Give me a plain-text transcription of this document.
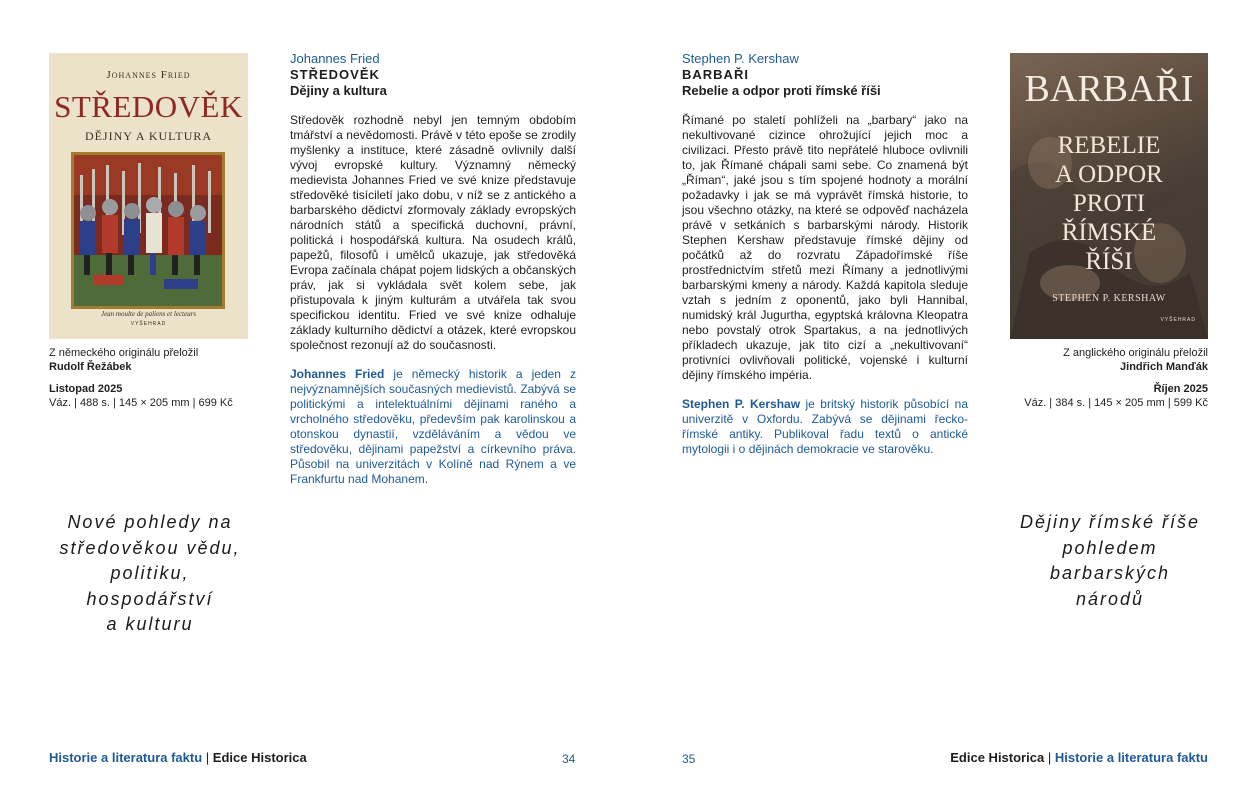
Johannes Fried
STŘEDOVĚK
DĚJINY A KULTURA
Jean moulte de paliens et lecteurs
VYŠEHRAD
Z německého originálu přeložil
Rudolf Řežábek
Listopad 2025
Váz. | 488 s. | 145 × 205 mm | 699 Kč
Johannes Fried
STŘEDOVĚK
Dějiny a kultura

Středověk rozhodně nebyl jen temným obdobím tmářství a nevědomosti. Právě v této epoše se zrodily myšlenky a instituce, které zásadně ovlivnily další vývoj evropské kultury. Významný německý medievista Johannes Fried ve své knize představuje středověké tisíciletí jako dobu, v níž se z antického a barbarského dědictví zformovaly základy evropských národních států a specifická duchovní, právní, politická i hospodářská kultura. Na osudech králů, papežů, filosofů i umělců ukazuje, jak středověká Evropa začínala chápat pojem lidských a občanských práv, jak si vykládala svět kolem sebe, jak přistupovala k jiným kulturám a utvářela tak svou specifickou identitu. Fried ve své knize odhaluje základy kulturního dědictví a otázek, které evropskou společnost rezonují až do současnosti.

Johannes Fried je německý historik a jeden z nejvýznamnějších současných medievistů. Zabývá se politickými a intelektuálními dějinami raného a vrcholného středověku, především pak karolinskou a otonskou dynastií, vzděláváním a vědou ve středověku, dějinami papežství a církevního práva. Působil na univerzitách v Kolíně nad Rýnem a ve Frankfurtu nad Mohanem.

Stephen P. Kershaw
BARBAŘI
Rebelie a odpor proti římské říši

Římané po staletí pohlíželi na „barbary“ jako na nekultivované cizince ohrožující jejich moc a civilizaci. Přesto právě tito nepřátelé hluboce ovlivnili to, jak Římané chápali sami sebe. Co znamená být „Říman“, jaké jsou s tím spojené hodnoty a morální požadavky i jak se má vyprávět římská historie, to jsou všechno otázky, na které se odpověď nacházela právě v setkáních s barbarskými národy. Historik Stephen Kershaw představuje římské dějiny od počátků až do rozvratu Západořímské říše prostřednictvím střetů mezi Římany a jednotlivými barbarskými kmeny a národy. Každá kapitola sleduje vztah s jedním z oponentů, jako byli Hannibal, numidský král Jugurtha, egyptská královna Kleopatra nebo povstalý otrok Spartakus, a na jednotlivých příkladech ukazuje, jak tito cizí a „nekultivovaní“ protivníci ovlivňovali politické, vojenské i kulturní dějiny římského impéria.

Stephen P. Kershaw je britský historik působící na univerzitě v Oxfordu. Zabývá se dějinami řecko-římské antiky. Publikoval řadu textů o antické mytologii i o dějinách demokracie ve starověku.

BARBAŘI
REBELIE
A ODPOR
PROTI
ŘÍMSKÉ
ŘÍŠI
STEPHEN P. KERSHAW
VYŠEHRAD
Z anglického originálu přeložil
Jindřich Manďák
Říjen 2025
Váz. | 384 s. | 145 × 205 mm | 599 Kč
Nové pohledy na
středověkou vědu,
politiku,
hospodářství
a kulturu
Dějiny římské říše
pohledem
barbarských
národů
Historie a literatura faktu | Edice Historica	34	35	Edice Historica | Historie a literatura faktu
